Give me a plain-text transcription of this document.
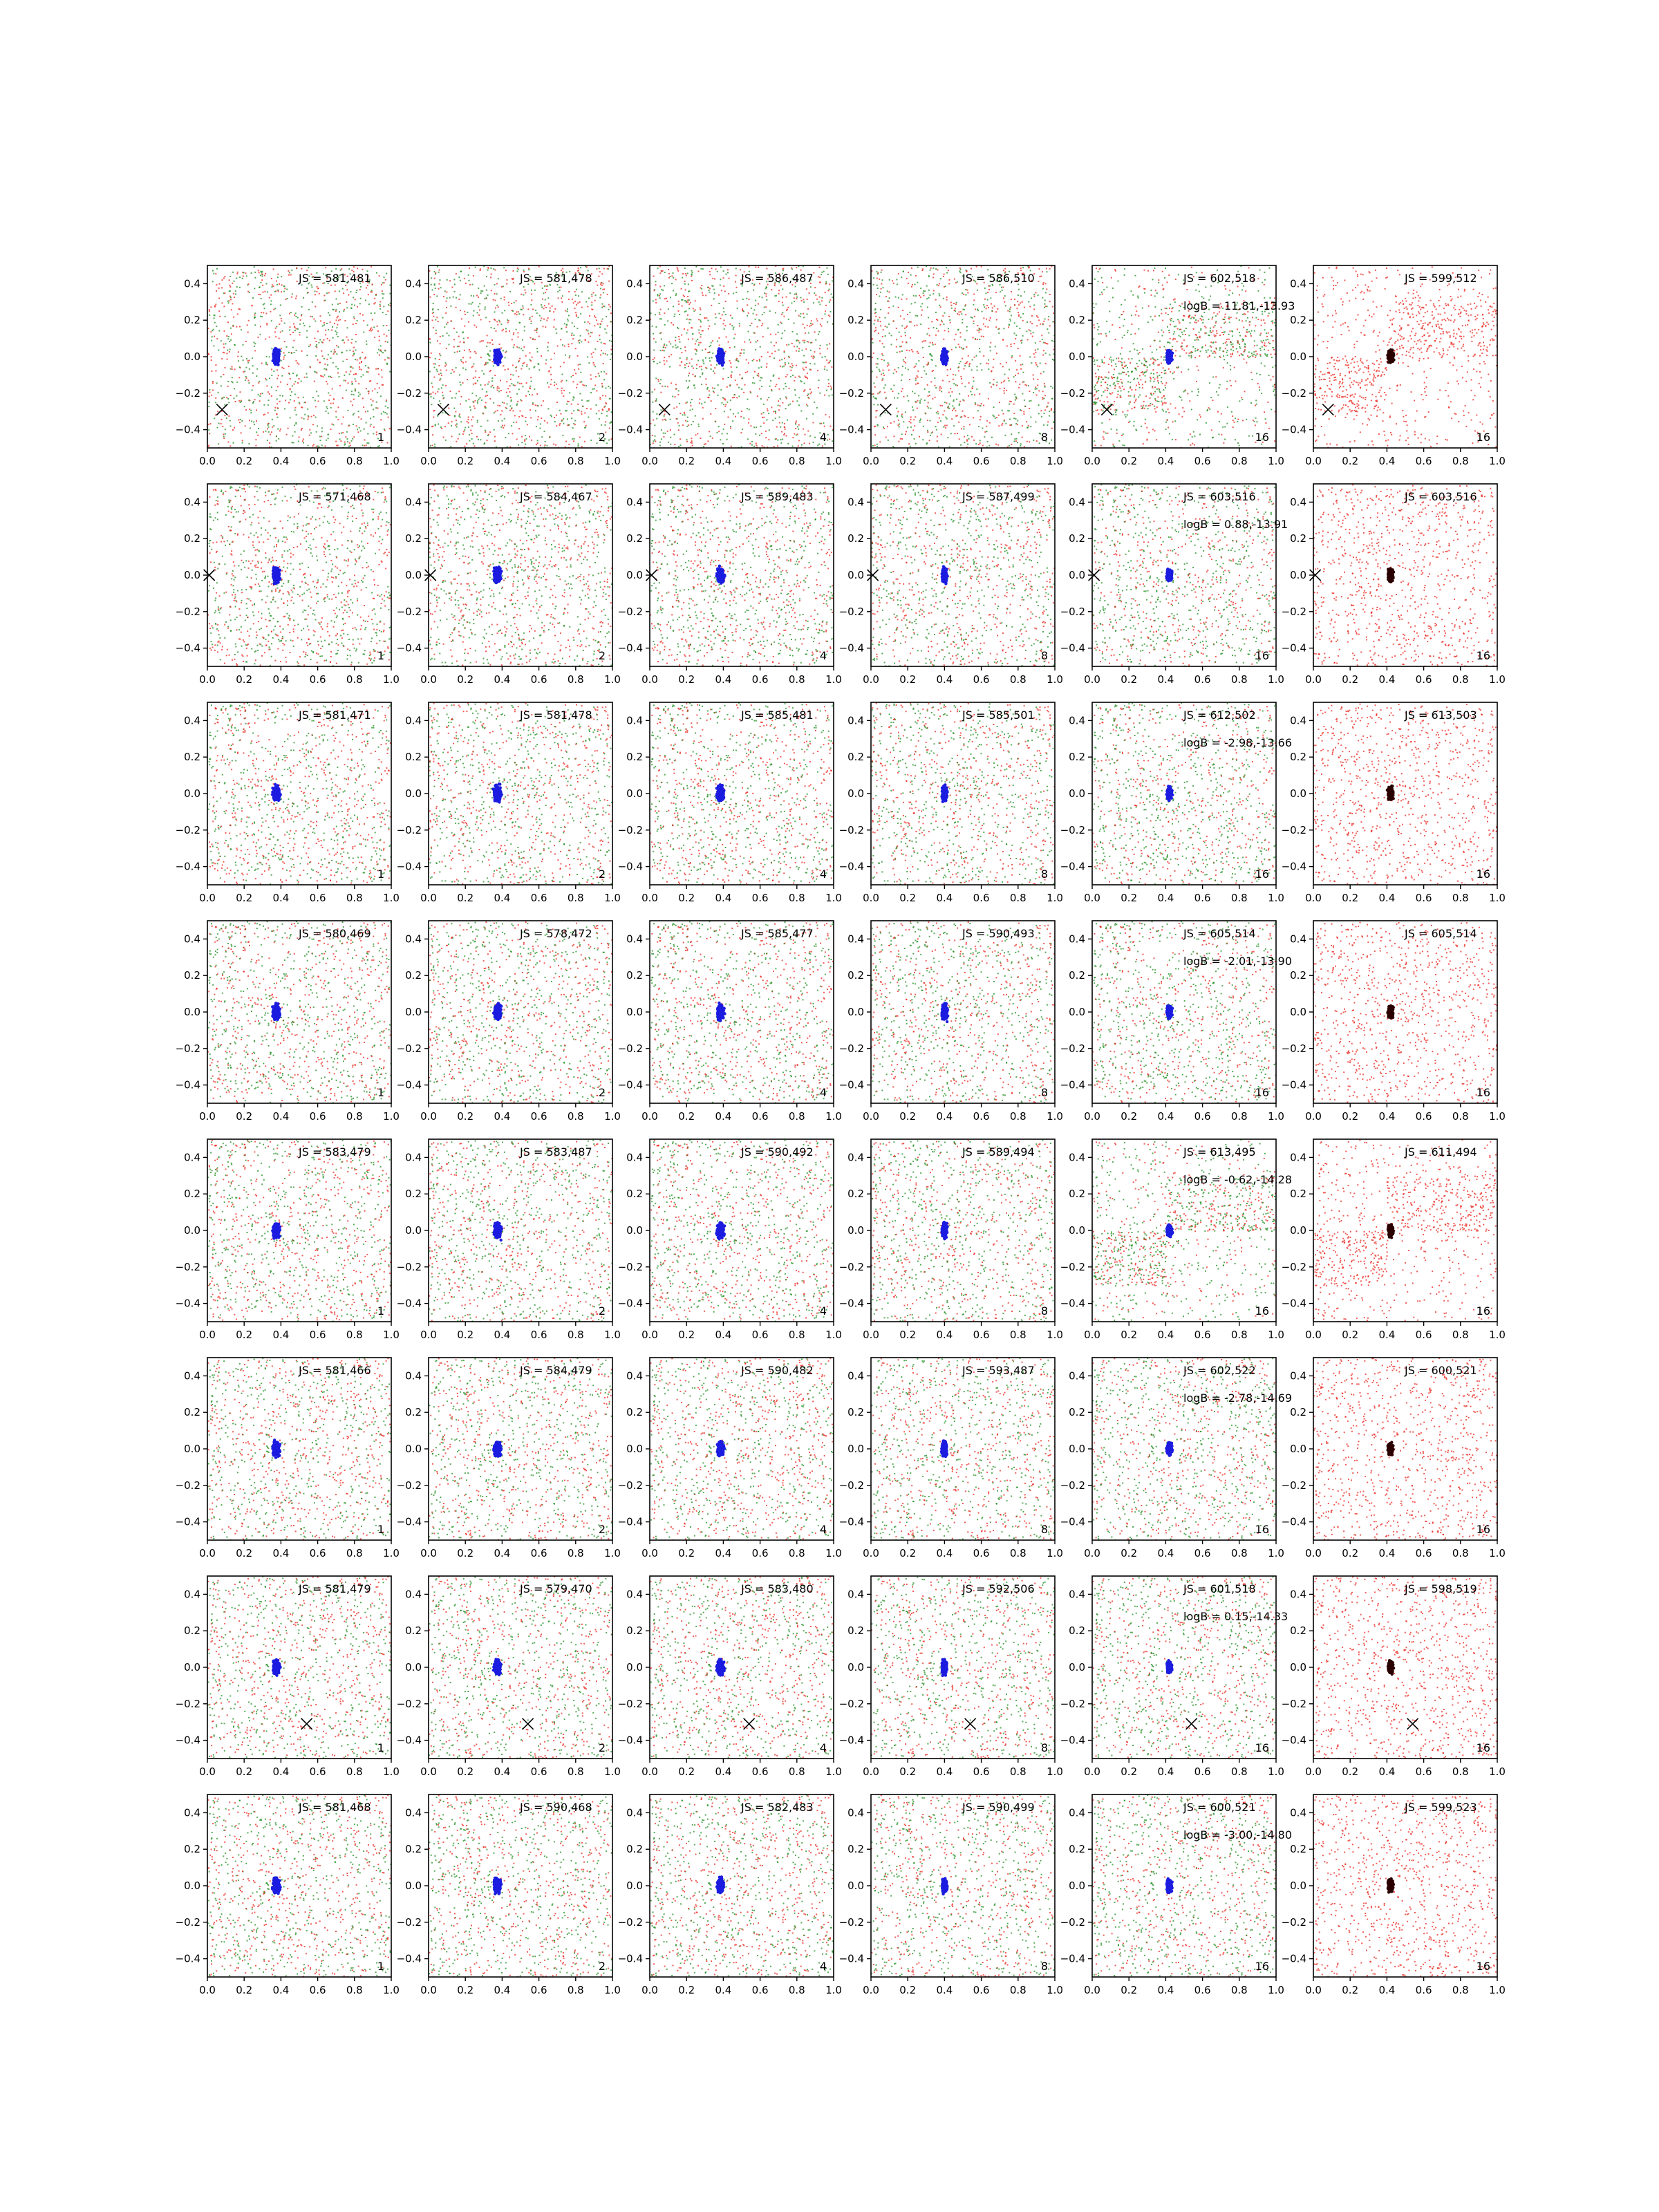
0.0 0.2 0.4 0.6 0.8 1.0
0.4
0.2
0.0
−0.2
−0.4
JS = 581,481
1
0.0 0.2 0.4 0.6 0.8 1.0
0.4
0.2
0.0
−0.2
−0.4
JS = 581,478
2
0.0 0.2 0.4 0.6 0.8 1.0
0.4
0.2
0.0
−0.2
−0.4
JS = 586,487
4
0.0 0.2 0.4 0.6 0.8 1.0
0.4
0.2
0.0
−0.2
−0.4
JS = 586,510
8
0.0 0.2 0.4 0.6 0.8 1.0
0.4
0.2
0.0
−0.2
−0.4
JS = 602,518
logB = 11.81,-13.93
16
0.0 0.2 0.4 0.6 0.8 1.0
0.4
0.2
0.0
−0.2
−0.4
JS = 599,512
16
0.0 0.2 0.4 0.6 0.8 1.0
0.4
0.2
0.0
−0.2
−0.4
JS = 571,468
1
0.0 0.2 0.4 0.6 0.8 1.0
0.4
0.2
0.0
−0.2
−0.4
JS = 584,467
2
0.0 0.2 0.4 0.6 0.8 1.0
0.4
0.2
0.0
−0.2
−0.4
JS = 589,483
4
0.0 0.2 0.4 0.6 0.8 1.0
0.4
0.2
0.0
−0.2
−0.4
JS = 587,499
8
0.0 0.2 0.4 0.6 0.8 1.0
0.4
0.2
0.0
−0.2
−0.4
JS = 603,516
logB = 0.88,-13.91
16
0.0 0.2 0.4 0.6 0.8 1.0
0.4
0.2
0.0
−0.2
−0.4
JS = 603,516
16
0.0 0.2 0.4 0.6 0.8 1.0
0.4
0.2
0.0
−0.2
−0.4
JS = 581,471
1
0.0 0.2 0.4 0.6 0.8 1.0
0.4
0.2
0.0
−0.2
−0.4
JS = 581,478
2
0.0 0.2 0.4 0.6 0.8 1.0
0.4
0.2
0.0
−0.2
−0.4
JS = 585,481
4
0.0 0.2 0.4 0.6 0.8 1.0
0.4
0.2
0.0
−0.2
−0.4
JS = 585,501
8
0.0 0.2 0.4 0.6 0.8 1.0
0.4
0.2
0.0
−0.2
−0.4
JS = 612,502
logB = -2.98,-13.66
16
0.0 0.2 0.4 0.6 0.8 1.0
0.4
0.2
0.0
−0.2
−0.4
JS = 613,503
16
0.0 0.2 0.4 0.6 0.8 1.0
0.4
0.2
0.0
−0.2
−0.4
JS = 580,469
1
0.0 0.2 0.4 0.6 0.8 1.0
0.4
0.2
0.0
−0.2
−0.4
JS = 578,472
2
0.0 0.2 0.4 0.6 0.8 1.0
0.4
0.2
0.0
−0.2
−0.4
JS = 585,477
4
0.0 0.2 0.4 0.6 0.8 1.0
0.4
0.2
0.0
−0.2
−0.4
JS = 590,493
8
0.0 0.2 0.4 0.6 0.8 1.0
0.4
0.2
0.0
−0.2
−0.4
JS = 605,514
logB = -2.01,-13.90
16
0.0 0.2 0.4 0.6 0.8 1.0
0.4
0.2
0.0
−0.2
−0.4
JS = 605,514
16
0.0 0.2 0.4 0.6 0.8 1.0
0.4
0.2
0.0
−0.2
−0.4
JS = 583,479
1
0.0 0.2 0.4 0.6 0.8 1.0
0.4
0.2
0.0
−0.2
−0.4
JS = 583,487
2
0.0 0.2 0.4 0.6 0.8 1.0
0.4
0.2
0.0
−0.2
−0.4
JS = 590,492
4
0.0 0.2 0.4 0.6 0.8 1.0
0.4
0.2
0.0
−0.2
−0.4
JS = 589,494
8
0.0 0.2 0.4 0.6 0.8 1.0
0.4
0.2
0.0
−0.2
−0.4
JS = 613,495
logB = -0.62,-14.28
16
0.0 0.2 0.4 0.6 0.8 1.0
0.4
0.2
0.0
−0.2
−0.4
JS = 611,494
16
0.0 0.2 0.4 0.6 0.8 1.0
0.4
0.2
0.0
−0.2
−0.4
JS = 581,466
1
0.0 0.2 0.4 0.6 0.8 1.0
0.4
0.2
0.0
−0.2
−0.4
JS = 584,479
2
0.0 0.2 0.4 0.6 0.8 1.0
0.4
0.2
0.0
−0.2
−0.4
JS = 590,482
4
0.0 0.2 0.4 0.6 0.8 1.0
0.4
0.2
0.0
−0.2
−0.4
JS = 593,487
8
0.0 0.2 0.4 0.6 0.8 1.0
0.4
0.2
0.0
−0.2
−0.4
JS = 602,522
logB = -2.78,-14.69
16
0.0 0.2 0.4 0.6 0.8 1.0
0.4
0.2
0.0
−0.2
−0.4
JS = 600,521
16
0.0 0.2 0.4 0.6 0.8 1.0
0.4
0.2
0.0
−0.2
−0.4
JS = 581,479
1
0.0 0.2 0.4 0.6 0.8 1.0
0.4
0.2
0.0
−0.2
−0.4
JS = 579,470
2
0.0 0.2 0.4 0.6 0.8 1.0
0.4
0.2
0.0
−0.2
−0.4
JS = 583,480
4
0.0 0.2 0.4 0.6 0.8 1.0
0.4
0.2
0.0
−0.2
−0.4
JS = 592,506
8
0.0 0.2 0.4 0.6 0.8 1.0
0.4
0.2
0.0
−0.2
−0.4
JS = 601,518
logB = 0.15,-14.33
16
0.0 0.2 0.4 0.6 0.8 1.0
0.4
0.2
0.0
−0.2
−0.4
JS = 598,519
16
0.0 0.2 0.4 0.6 0.8 1.0
0.4
0.2
0.0
−0.2
−0.4
JS = 581,468
1
0.0 0.2 0.4 0.6 0.8 1.0
0.4
0.2
0.0
−0.2
−0.4
JS = 590,468
2
0.0 0.2 0.4 0.6 0.8 1.0
0.4
0.2
0.0
−0.2
−0.4
JS = 582,483
4
0.0 0.2 0.4 0.6 0.8 1.0
0.4
0.2
0.0
−0.2
−0.4
JS = 590,499
8
0.0 0.2 0.4 0.6 0.8 1.0
0.4
0.2
0.0
−0.2
−0.4
JS = 600,521
logB = -3.00,-14.80
16
0.0 0.2 0.4 0.6 0.8 1.0
0.4
0.2
0.0
−0.2
−0.4
JS = 599,523
16
